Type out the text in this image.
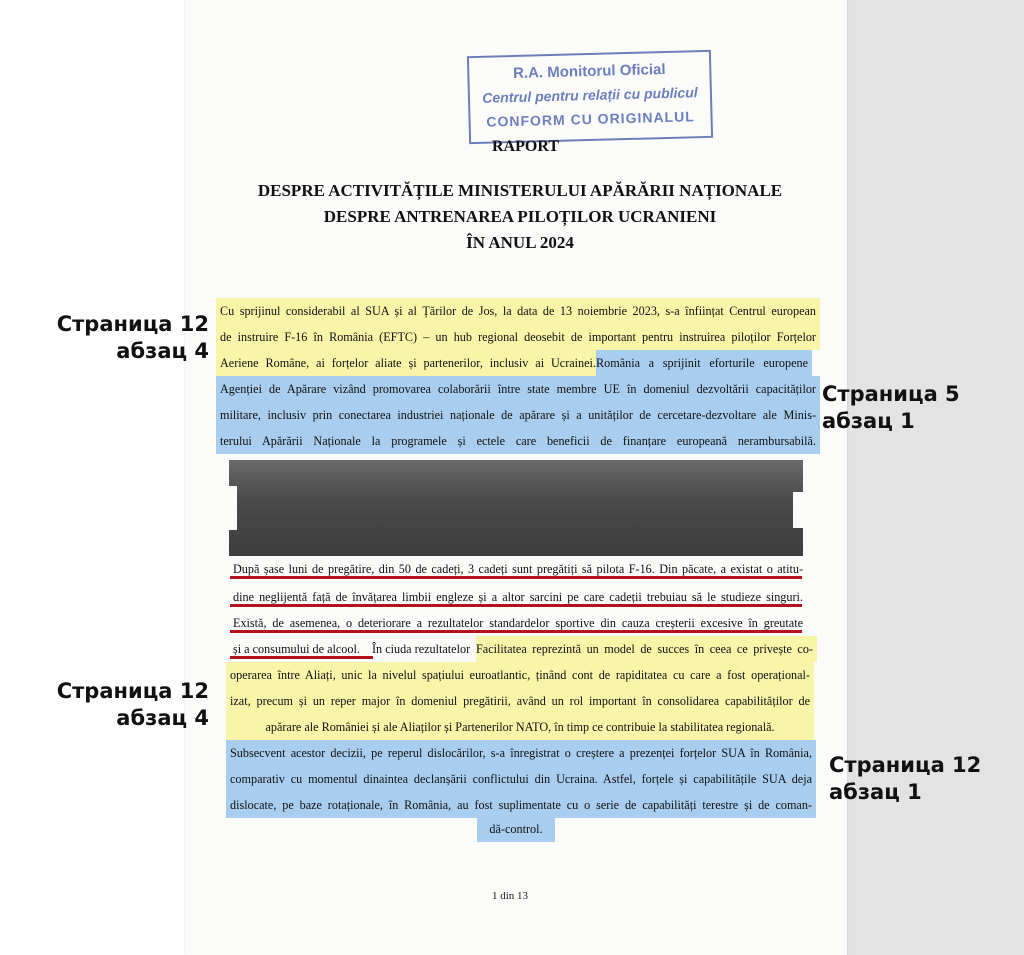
R.A. Monitorul Oficial
Centrul pentru relații cu publicul
CONFORM CU ORIGINALUL
RAPORT
DESPRE ACTIVITĂȚILE MINISTERULUI APĂRĂRII NAȚIONALE
DESPRE ANTRENAREA PILOȚILOR UCRANIENI
ÎN ANUL 2024
Cu sprijinul considerabil al SUA și al Țărilor de Jos, la data de 13 noiembrie 2023, s-a înființat Centrul european
de instruire F-16 în România (EFTC) – un hub regional deosebit de important pentru instruirea piloților Forțelor
Aeriene Române, ai forțelor aliate și partenerilor, inclusiv ai Ucrainei. România a sprijinit eforturile europene
Agenției de Apărare vizând promovarea colaborării între state membre UE în domeniul dezvoltării capacităților
militare, inclusiv prin conectarea industriei naționale de apărare și a unităților de cercetare-dezvoltare ale Minis-
terului Apărării Naționale la programele și ectele care beneficii de finanțare europeană nerambursabilă.
După șase luni de pregătire, din 50 de cadeți, 3 cadeți sunt pregătiți să pilota F-16. Din păcate, a existat o atitu-
dine neglijentă față de învățarea limbii engleze și a altor sarcini pe care cadeții trebuiau să le studieze singuri.
Există, de asemenea, o deteriorare a rezultatelor standardelor sportive din cauza creșterii excesive în greutate
și a consumului de alcool. În ciuda rezultatelor Facilitatea reprezintă un model de succes în ceea ce privește co-
operarea între Aliați, unic la nivelul spațiului euroatlantic, ținând cont de rapiditatea cu care a fost operațional-
izat, precum și un reper major în domeniul pregătirii, având un rol important în consolidarea capabilităților de
apărare ale României și ale Aliaților și Partenerilor NATO, în timp ce contribuie la stabilitatea regională.
Subsecvent acestor decizii, pe reperul dislocărilor, s-a înregistrat o creștere a prezenței forțelor SUA în România,
comparativ cu momentul dinaintea declanșării conflictului din Ucraina. Astfel, forțele și capabilitățile SUA deja
dislocate, pe baze rotaționale, în România, au fost suplimentate cu o serie de capabilități terestre și de coman-
dă-control.
1 din 13
Страница 12
абзац 4
Страница 5
абзац 1
Страница 12
абзац 4
Страница 12
абзац 1
